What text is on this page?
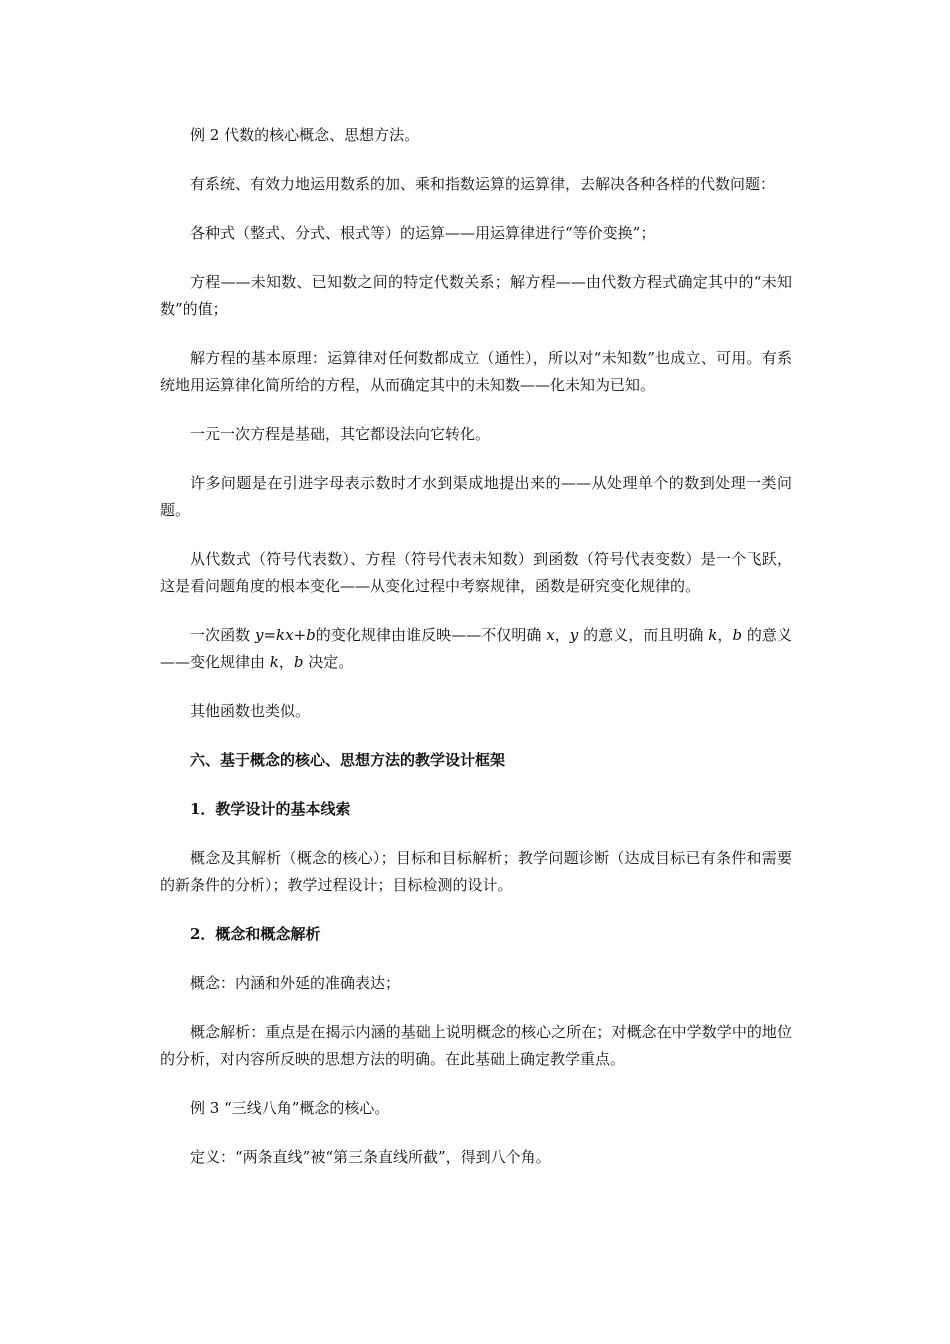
例 2 代数的核心概念、思想方法。

有系统、有效力地运用数系的加、乘和指数运算的运算律，去解决各种各样的代数问题：

各种式（整式、分式、根式等）的运算——用运算律进行“等价变换”；

方程——未知数、已知数之间的特定代数关系；解方程——由代数方程式确定其中的“未知数”的值；

解方程的基本原理：运算律对任何数都成立（通性），所以对“未知数”也成立、可用。有系统地用运算律化简所给的方程，从而确定其中的未知数——化未知为已知。

一元一次方程是基础，其它都设法向它转化。

许多问题是在引进字母表示数时才水到渠成地提出来的——从处理单个的数到处理一类问题。

从代数式（符号代表数）、方程（符号代表未知数）到函数（符号代表变数）是一个飞跃，这是看问题角度的根本变化——从变化过程中考察规律，函数是研究变化规律的。

一次函数 y=kx+b的变化规律由谁反映——不仅明确 x，y 的意义，而且明确 k，b 的意义——变化规律由 k，b 决定。

其他函数也类似。

六、基于概念的核心、思想方法的教学设计框架

1．教学设计的基本线索

概念及其解析（概念的核心）；目标和目标解析；教学问题诊断（达成目标已有条件和需要的新条件的分析）；教学过程设计；目标检测的设计。

2．概念和概念解析

概念：内涵和外延的准确表达；

概念解析：重点是在揭示内涵的基础上说明概念的核心之所在；对概念在中学数学中的地位的分析，对内容所反映的思想方法的明确。在此基础上确定教学重点。

例 3 “三线八角”概念的核心。

定义：“两条直线”被“第三条直线所截”，得到八个角。
